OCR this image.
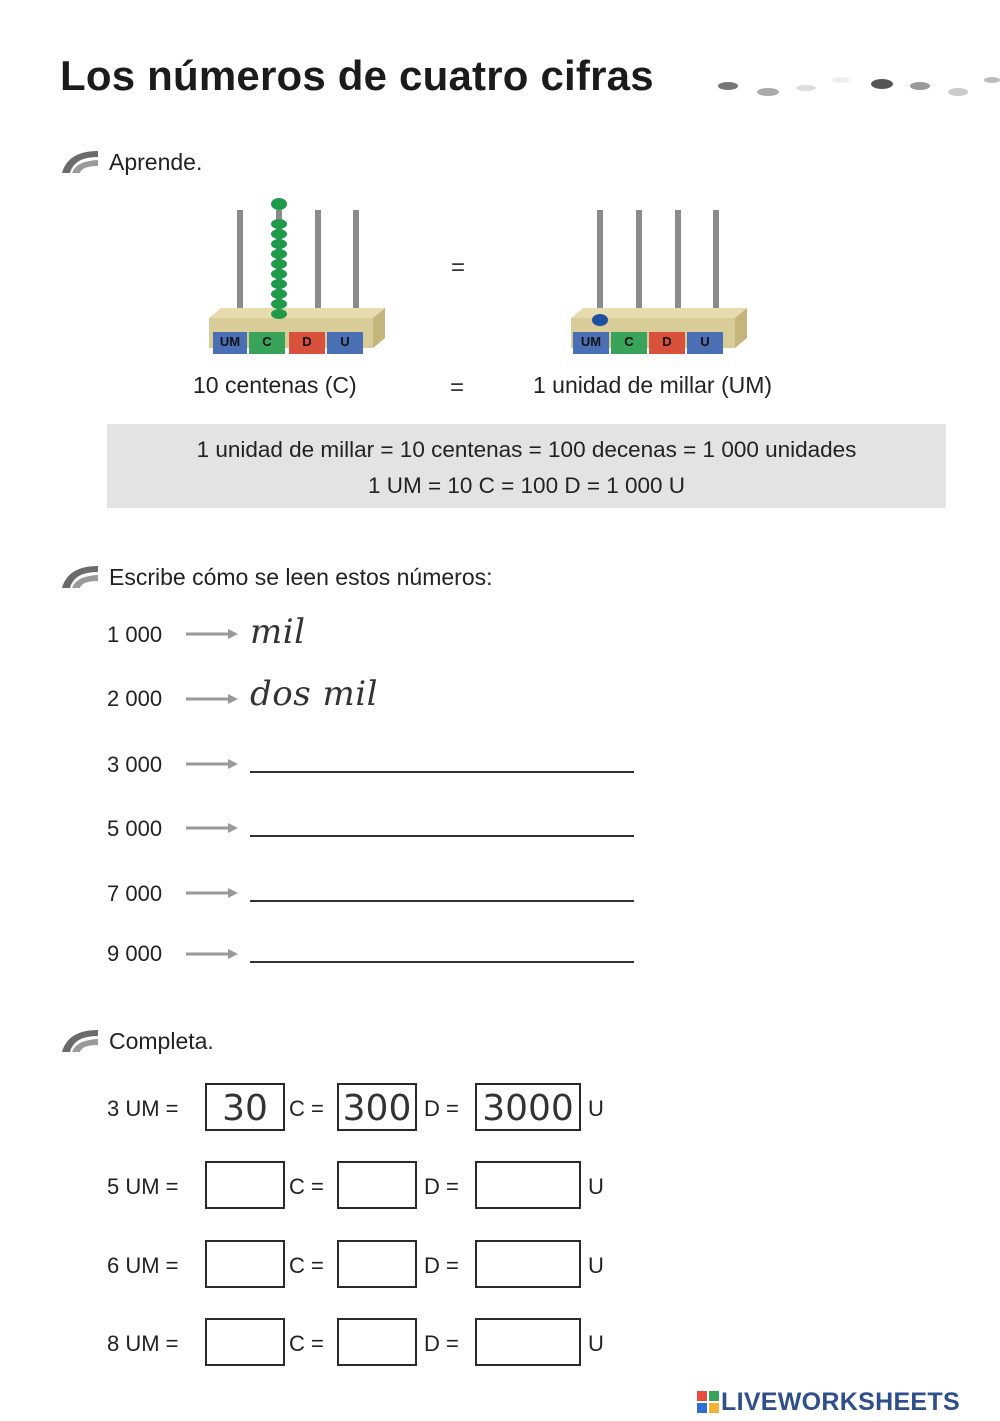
Los números de cuatro cifras
Aprende.
UM	C	D	U
=
UM	C	D	U
10 centenas (C)	=	1 unidad de millar (UM)
1 unidad de millar = 10 centenas = 100 decenas = 1 000 unidades
1 UM = 10 C = 100 D = 1 000 U
Escribe cómo se leen estos números:
1 000	mil
2 000	dos mil
3 000
5 000
7 000
9 000
Completa.
3 UM =	30 C = 300 D = 3000 U
5 UM =	C =	D =	U
6 UM =	C =	D =	U
8 UM =	C =	D =	U
LIVEWORKSHEETS
